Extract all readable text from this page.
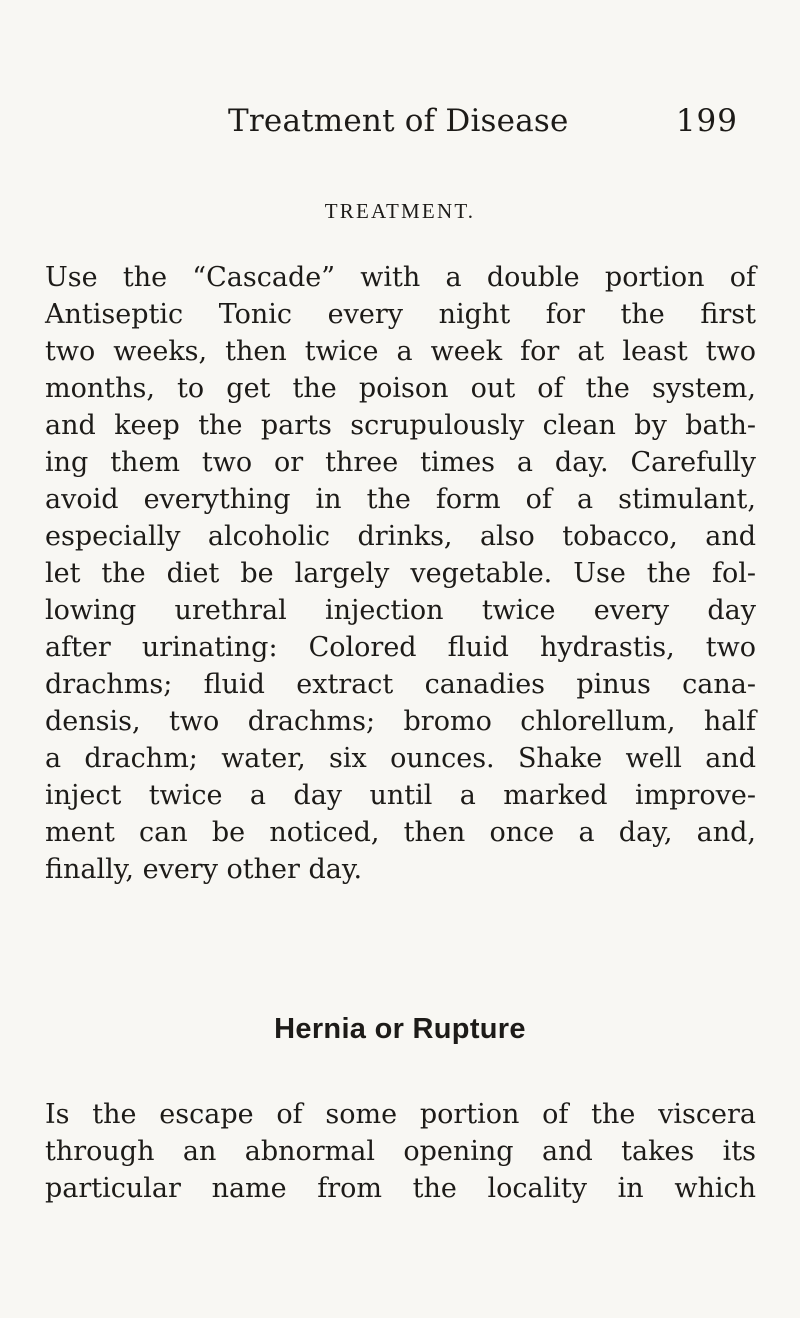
Treatment of Disease	199
TREATMENT.
Use the “Cascade” with a double portion of
Antiseptic Tonic every night for the first
two weeks, then twice a week for at least two
months, to get the poison out of the system,
and keep the parts scrupulously clean by bath-
ing them two or three times a day. Carefully
avoid everything in the form of a stimulant,
especially alcoholic drinks, also tobacco, and
let the diet be largely vegetable. Use the fol-
lowing urethral injection twice every day
after urinating: Colored fluid hydrastis, two
drachms; fluid extract canadies pinus cana-
densis, two drachms; bromo chlorellum, half
a drachm; water, six ounces. Shake well and
inject twice a day until a marked improve-
ment can be noticed, then once a day, and,
finally, every other day.
Hernia or Rupture
Is the escape of some portion of the viscera
through an abnormal opening and takes its
particular name from the locality in which
